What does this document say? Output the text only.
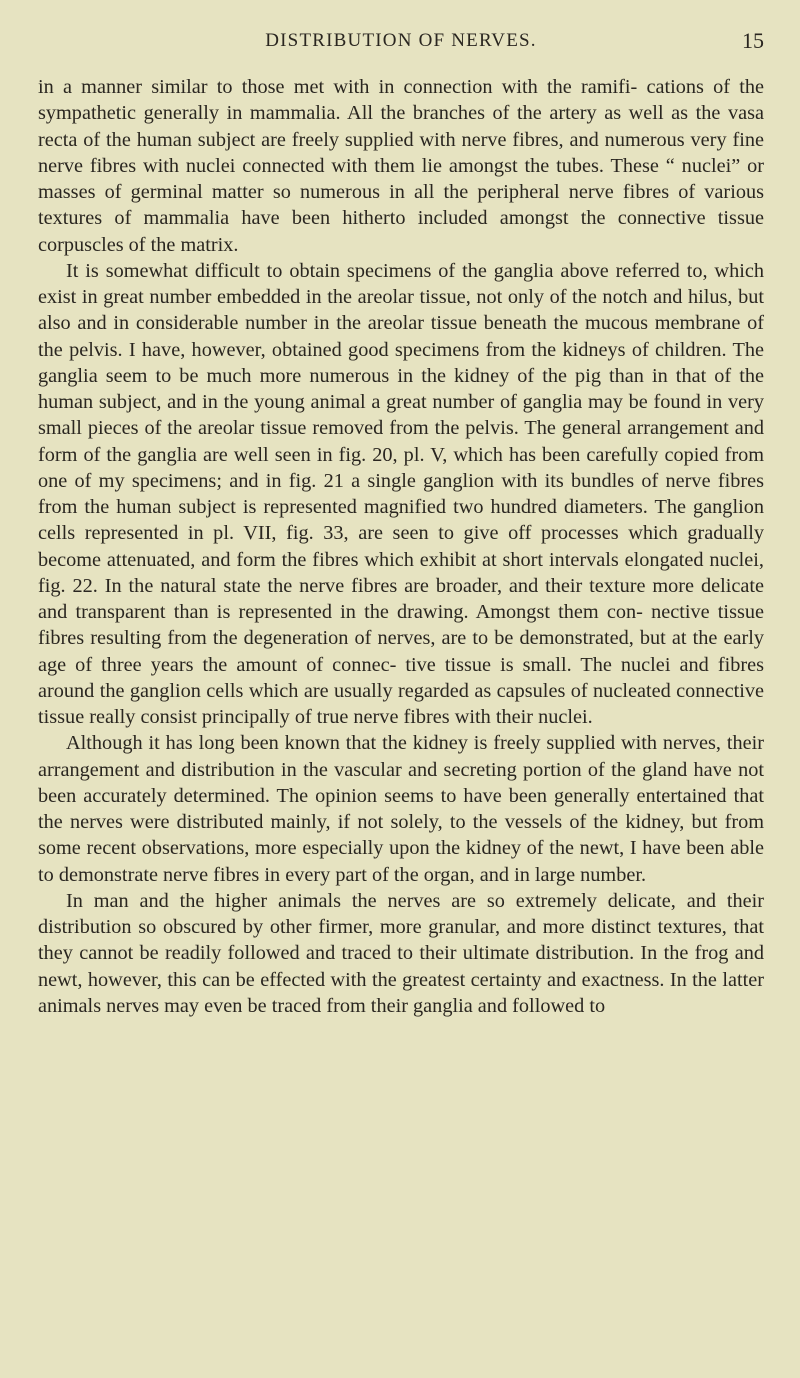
DISTRIBUTION OF NERVES.	15

in a manner similar to those met with in connection with the ramifi- cations of the sympathetic generally in mammalia. All the branches of the artery as well as the vasa recta of the human subject are freely supplied with nerve fibres, and numerous very fine nerve fibres with nuclei connected with them lie amongst the tubes. These “ nuclei” or masses of germinal matter so numerous in all the peripheral nerve fibres of various textures of mammalia have been hitherto included amongst the connective tissue corpuscles of the matrix.

It is somewhat difficult to obtain specimens of the ganglia above referred to, which exist in great number embedded in the areolar tissue, not only of the notch and hilus, but also and in considerable number in the areolar tissue beneath the mucous membrane of the pelvis. I have, however, obtained good specimens from the kidneys of children. The ganglia seem to be much more numerous in the kidney of the pig than in that of the human subject, and in the young animal a great number of ganglia may be found in very small pieces of the areolar tissue removed from the pelvis. The general arrangement and form of the ganglia are well seen in fig. 20, pl. V, which has been carefully copied from one of my specimens; and in fig. 21 a single ganglion with its bundles of nerve fibres from the human subject is represented magnified two hundred diameters. The ganglion cells represented in pl. VII, fig. 33, are seen to give off processes which gradually become attenuated, and form the fibres which exhibit at short intervals elongated nuclei, fig. 22. In the natural state the nerve fibres are broader, and their texture more delicate and transparent than is represented in the drawing. Amongst them con- nective tissue fibres resulting from the degeneration of nerves, are to be demonstrated, but at the early age of three years the amount of connec- tive tissue is small. The nuclei and fibres around the ganglion cells which are usually regarded as capsules of nucleated connective tissue really consist principally of true nerve fibres with their nuclei.

Although it has long been known that the kidney is freely supplied with nerves, their arrangement and distribution in the vascular and secreting portion of the gland have not been accurately determined. The opinion seems to have been generally entertained that the nerves were distributed mainly, if not solely, to the vessels of the kidney, but from some recent observations, more especially upon the kidney of the newt, I have been able to demonstrate nerve fibres in every part of the organ, and in large number.

In man and the higher animals the nerves are so extremely delicate, and their distribution so obscured by other firmer, more granular, and more distinct textures, that they cannot be readily followed and traced to their ultimate distribution. In the frog and newt, however, this can be effected with the greatest certainty and exactness. In the latter animals nerves may even be traced from their ganglia and followed to
